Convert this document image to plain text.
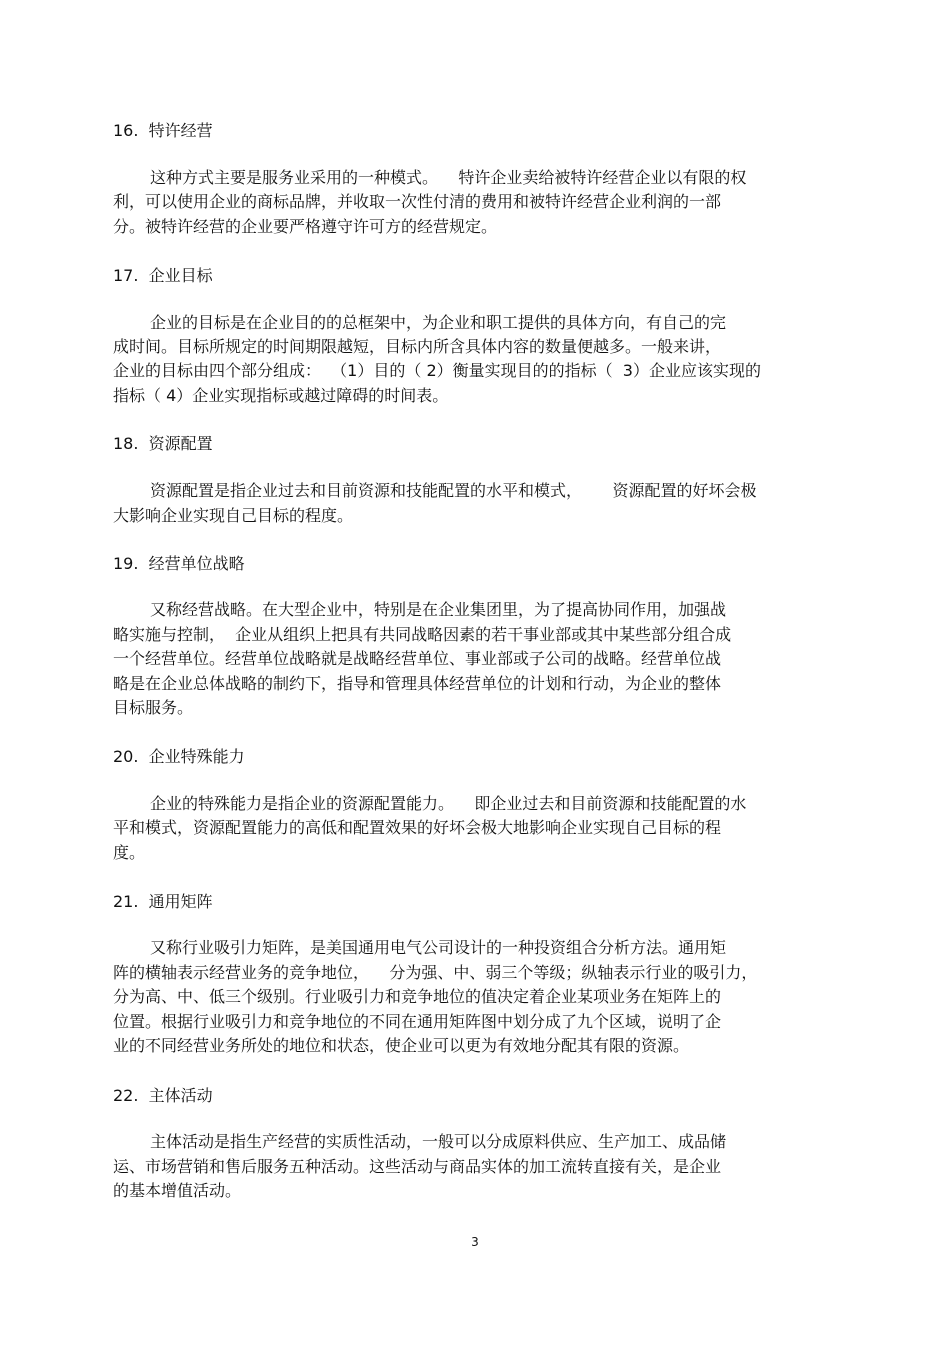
16.  特许经营
这种方式主要是服务业采用的一种模式。    特许企业卖给被特许经营企业以有限的权
利，可以使用企业的商标品牌，并收取一次性付清的费用和被特许经营企业利润的一部
分。被特许经营的企业要严格遵守许可方的经营规定。
17.  企业目标
企业的目标是在企业目的的总框架中，为企业和职工提供的具体方向，有自己的完
成时间。目标所规定的时间期限越短，目标内所含具体内容的数量便越多。一般来讲，
企业的目标由四个部分组成：  （1）目的（ 2）衡量实现目的的指标（  3）企业应该实现的
指标（ 4）企业实现指标或越过障碍的时间表。
18.  资源配置
资源配置是指企业过去和目前资源和技能配置的水平和模式，      资源配置的好坏会极
大影响企业实现自己目标的程度。
19.  经营单位战略
又称经营战略。在大型企业中，特别是在企业集团里，为了提高协同作用，加强战
略实施与控制，  企业从组织上把具有共同战略因素的若干事业部或其中某些部分组合成
一个经营单位。经营单位战略就是战略经营单位、事业部或子公司的战略。经营单位战
略是在企业总体战略的制约下，指导和管理具体经营单位的计划和行动，为企业的整体
目标服务。
20.  企业特殊能力
企业的特殊能力是指企业的资源配置能力。    即企业过去和目前资源和技能配置的水
平和模式，资源配置能力的高低和配置效果的好坏会极大地影响企业实现自己目标的程
度。
21.  通用矩阵
又称行业吸引力矩阵，是美国通用电气公司设计的一种投资组合分析方法。通用矩
阵的横轴表示经营业务的竞争地位，    分为强、中、弱三个等级；纵轴表示行业的吸引力，
分为高、中、低三个级别。行业吸引力和竞争地位的值决定着企业某项业务在矩阵上的
位置。根据行业吸引力和竞争地位的不同在通用矩阵图中划分成了九个区域，说明了企
业的不同经营业务所处的地位和状态，使企业可以更为有效地分配其有限的资源。
22.  主体活动
主体活动是指生产经营的实质性活动，一般可以分成原料供应、生产加工、成品储
运、市场营销和售后服务五种活动。这些活动与商品实体的加工流转直接有关，是企业
的基本增值活动。
3
